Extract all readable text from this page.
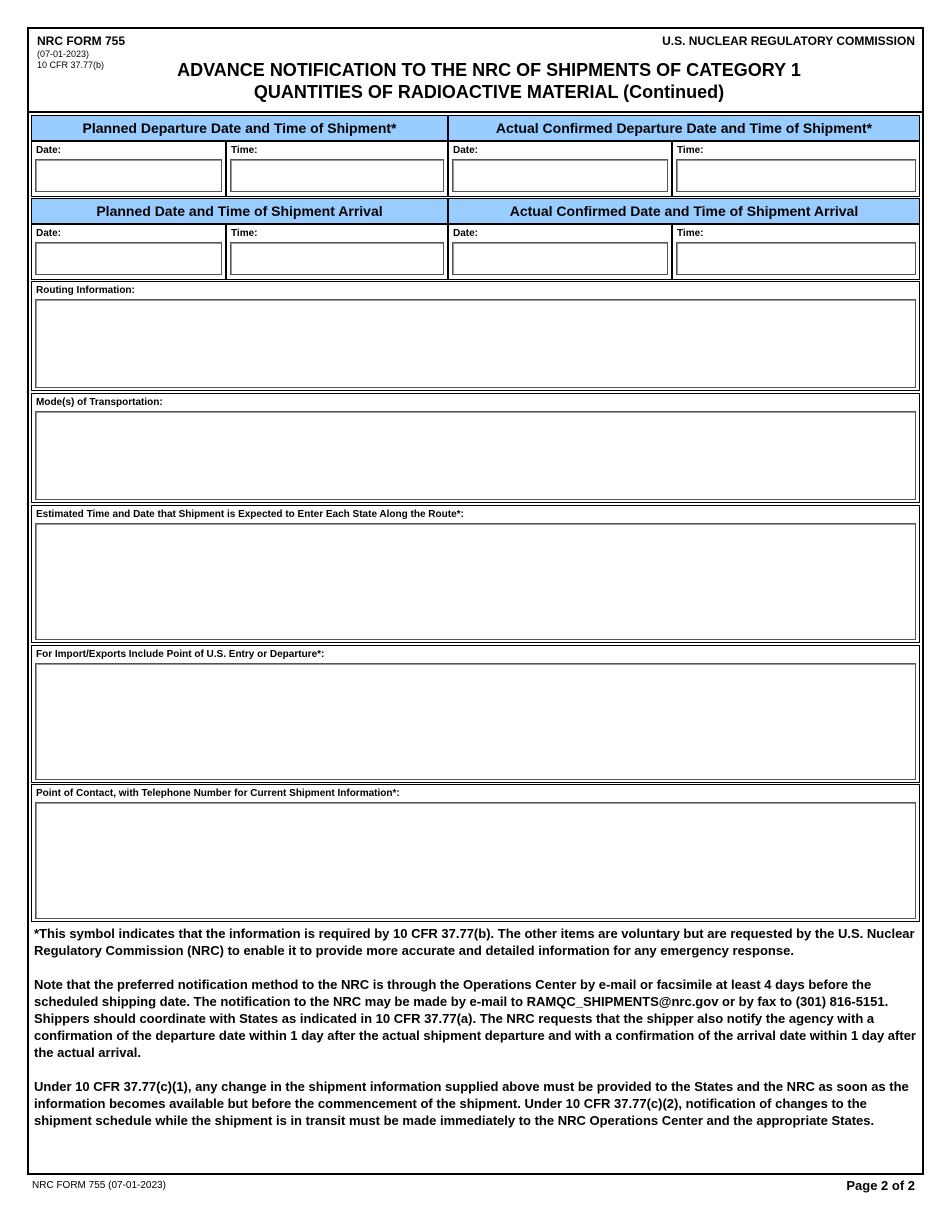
NRC FORM 755
(07-01-2023)
10 CFR 37.77(b)
U.S. NUCLEAR REGULATORY COMMISSION
ADVANCE NOTIFICATION TO THE NRC OF SHIPMENTS OF CATEGORY 1
QUANTITIES OF RADIOACTIVE MATERIAL (Continued)
Planned Departure Date and Time of Shipment*	Actual Confirmed Departure Date and Time of Shipment*
Date:	Time:	Date:	Time:
Planned Date and Time of Shipment Arrival	Actual Confirmed Date and Time of Shipment Arrival
Date:	Time:	Date:	Time:
Routing Information:
Mode(s) of Transportation:
Estimated Time and Date that Shipment is Expected to Enter Each State Along the Route*:
For Import/Exports Include Point of U.S. Entry or Departure*:
Point of Contact, with Telephone Number for Current Shipment Information*:

*This symbol indicates that the information is required by 10 CFR 37.77(b). The other items are voluntary but are requested by the U.S. Nuclear Regulatory Commission (NRC) to enable it to provide more accurate and detailed information for any emergency response.

Note that the preferred notification method to the NRC is through the Operations Center by e-mail or facsimile at least 4 days before the scheduled shipping date. The notification to the NRC may be made by e-mail to RAMQC_SHIPMENTS@nrc.gov or by fax to (301) 816-5151. Shippers should coordinate with States as indicated in 10 CFR 37.77(a). The NRC requests that the shipper also notify the agency with a confirmation of the departure date within 1 day after the actual shipment departure and with a confirmation of the arrival date within 1 day after the actual arrival.

Under 10 CFR 37.77(c)(1), any change in the shipment information supplied above must be provided to the States and the NRC as soon as the information becomes available but before the commencement of the shipment. Under 10 CFR 37.77(c)(2), notification of changes to the shipment schedule while the shipment is in transit must be made immediately to the NRC Operations Center and the appropriate States.

NRC FORM 755 (07-01-2023)	Page 2 of 2
